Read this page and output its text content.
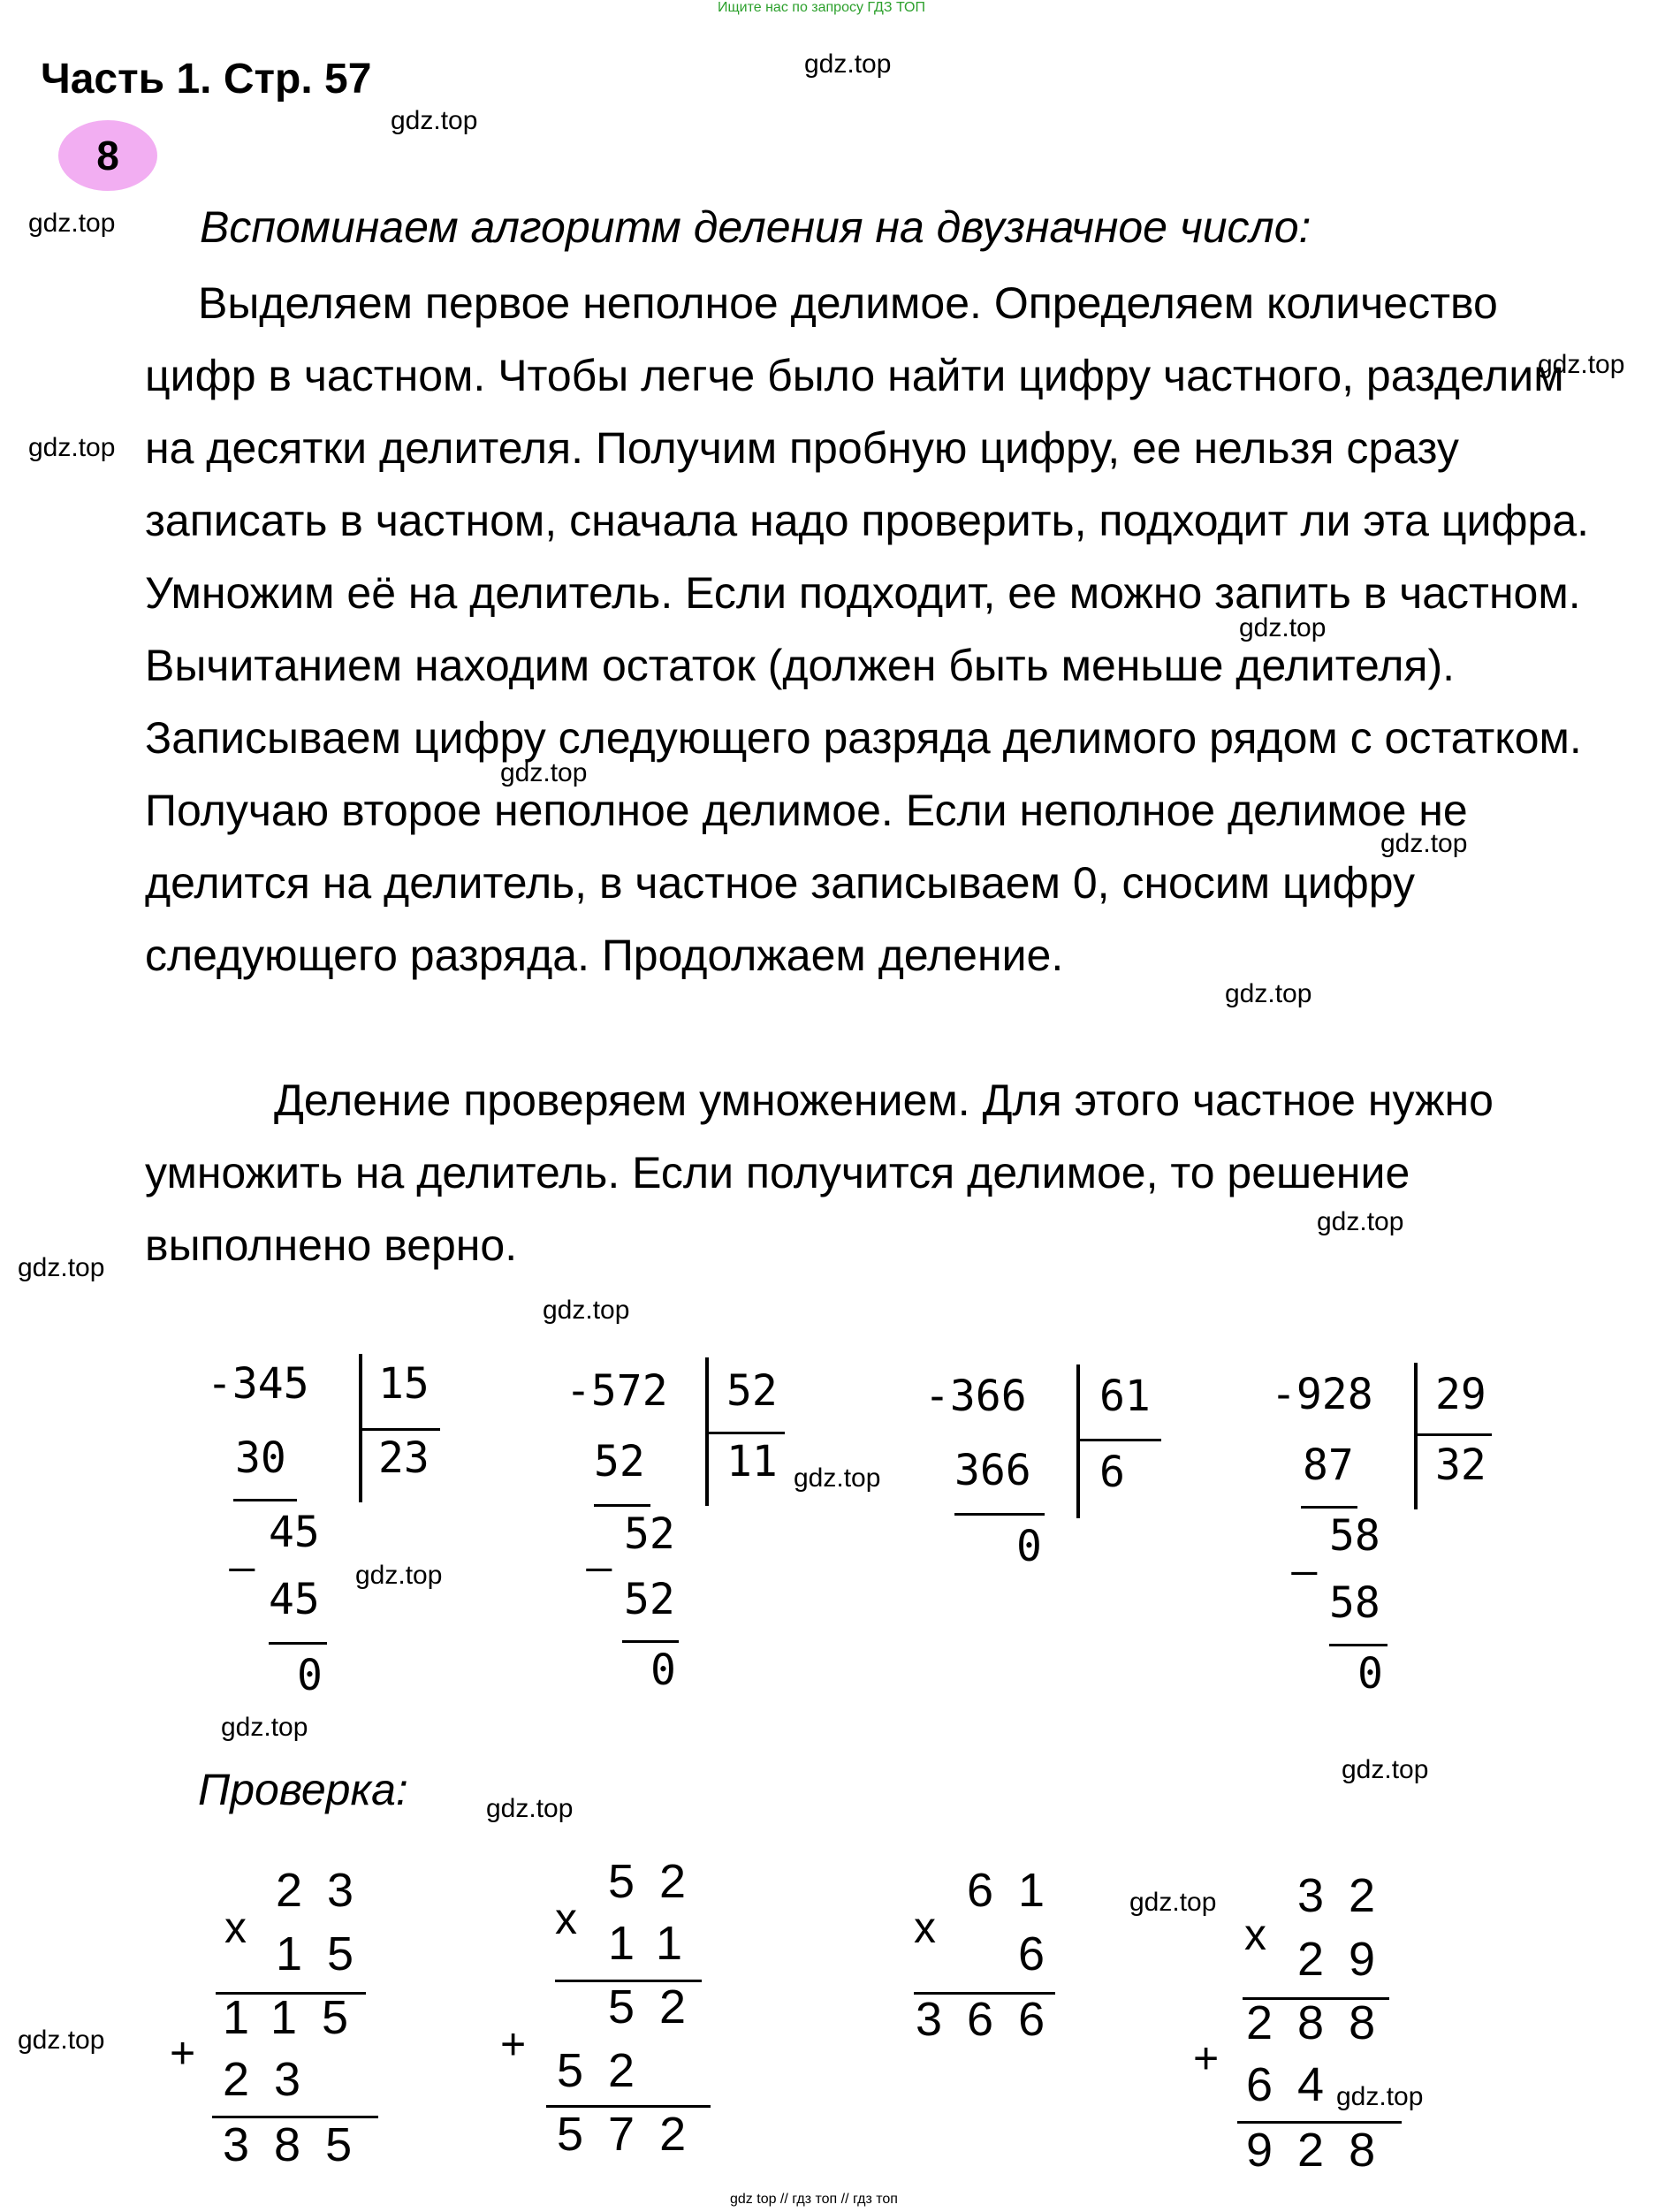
Ищите нас по запросу ГДЗ ТОП
Часть 1. Стр. 57
8
gdz.top
gdz.top
gdz.top
gdz.top
gdz.top
gdz.top
gdz.top
gdz.top
gdz.top
gdz.top
gdz.top
gdz.top
gdz.top
gdz.top
gdz.top
gdz.top
gdz.top
gdz.top
gdz.top
gdz.top
Вспоминаем алгоритм деления на двузначное число:
Выделяем первое неполное делимое. Определяем количество цифр в частном. Чтобы легче было найти цифру частного, разделим на десятки делителя. Получим пробную цифру, ее нельзя сразу записать в частном, сначала надо проверить, подходит ли эта цифра. Умножим её на делитель. Если подходит, ее можно запить в частном. Вычитанием находим остаток (должен быть меньше делителя). Записываем цифру следующего разряда делимого рядом с остатком. Получаю второе неполное делимое. Если неполное делимое не делится на делитель, в частное записываем 0, сносим цифру следующего разряда. Продолжаем деление.
Деление проверяем умножением. Для этого частное нужно умножить на делитель. Если получится делимое, то решение выполнено верно.
-345 15
23
30
45
_
45
0
-572 52
11
52
52
_
52
0
-366 61
6
366
0
-928 29
32
87
58
_
58
0
Проверка:
x
23
15
115
+ 23
385
x
52
11
52
+ 52
572
x
61
6
366
x
32
29
288
+ 64
928
gdz top // гдз топ // гдз топ
